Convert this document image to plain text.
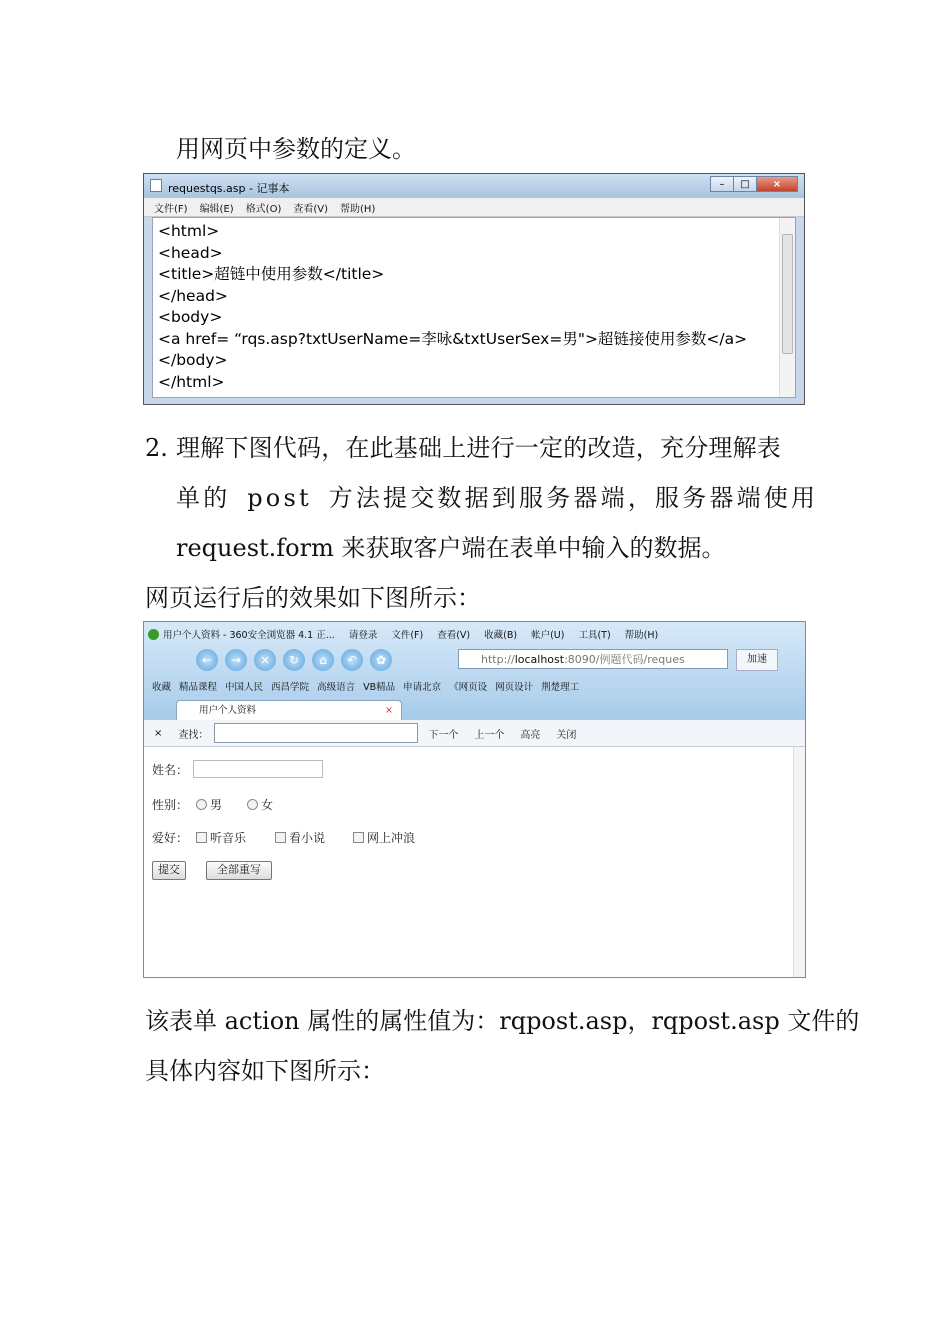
用网页中参数的定义。
requestqs.asp - 记事本	–	□	×
文件(F) 编辑(E) 格式(O) 查看(V) 帮助(H)
<html>
<head>
<title>超链中使用参数</title>
</head>
<body>
<a href= “rqs.asp?txtUserName=李咏&txtUserSex=男">超链接使用参数</a>
</body>
</html>
2. 理解下图代码，在此基础上进行一定的改造，充分理解表
单的 post 方法提交数据到服务器端，服务器端使用
request.form 来获取客户端在表单中输入的数据。
网页运行后的效果如下图所示：
用户个人资料 - 360安全浏览器 4.1 正... 请登录 文件(F) 查看(V) 收藏(B) 帐户(U) 工具(T) 帮助(H)
←	→	×	↻	⌂	↶	✿	http://localhost:8090/例题代码/reques	加速
收藏 精品课程 中国人民 西昌学院 高级语言 VB精品 申请北京 《网页设 网页设计 荆楚理工
用户个人资料	×
× 查找：	下一个 上一个 高亮 关闭
姓名：
性别：	男	女
爱好：	听音乐	看小说	网上冲浪
提交	全部重写
该表单 action 属性的属性值为：rqpost.asp，rqpost.asp 文件的
具体内容如下图所示：
